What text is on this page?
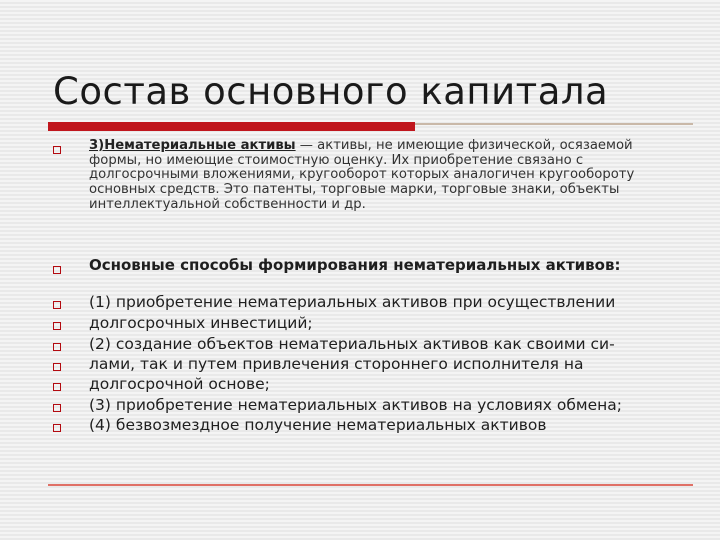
Состав основного капитала
3)Нематериальные активы — активы, не имеющие физической, осязаемой формы, но имеющие стоимостную оценку. Их приобретение связано с долгосрочными вложениями, кругооборот которых аналогичен кругообороту основных средств. Это патенты, торговые марки, торговые знаки, объекты интеллектуальной собственности и др.
Основные способы формирования нематериальных активов:
(1) приобретение нематериальных активов при осуществлении
долгосрочных инвестиций;
(2) создание объектов нематериальных активов как своими си-
лами, так и путем привлечения стороннего исполнителя на
долгосрочной основе;
(3) приобретение нематериальных активов на условиях обмена;
(4) безвозмездное получение нематериальных активов
